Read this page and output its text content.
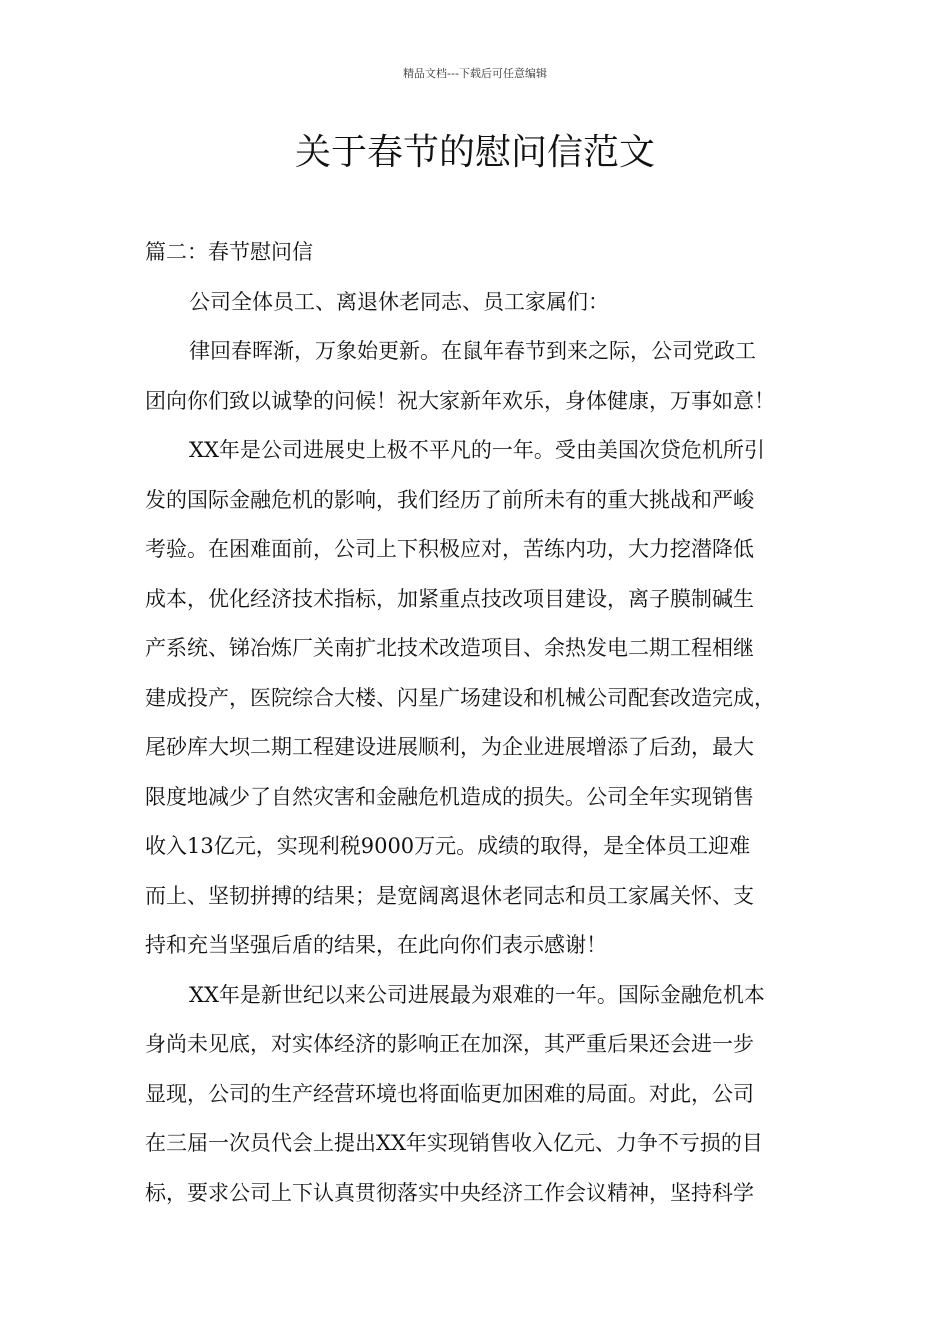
精品文档---下载后可任意编辑
关于春节的慰问信范文
篇二：春节慰问信
公司全体员工、离退休老同志、员工家属们：
律回春晖渐，万象始更新。在鼠年春节到来之际，公司党政工
团向你们致以诚挚的问候！祝大家新年欢乐，身体健康，万事如意！
XX年是公司进展史上极不平凡的一年。受由美国次贷危机所引
发的国际金融危机的影响，我们经历了前所未有的重大挑战和严峻
考验。在困难面前，公司上下积极应对，苦练内功，大力挖潜降低
成本，优化经济技术指标，加紧重点技改项目建设，离子膜制碱生
产系统、锑冶炼厂关南扩北技术改造项目、余热发电二期工程相继
建成投产，医院综合大楼、闪星广场建设和机械公司配套改造完成，
尾砂库大坝二期工程建设进展顺利，为企业进展增添了后劲，最大
限度地减少了自然灾害和金融危机造成的损失。公司全年实现销售
收入13亿元，实现利税9000万元。成绩的取得，是全体员工迎难
而上、坚韧拼搏的结果；是宽阔离退休老同志和员工家属关怀、支
持和充当坚强后盾的结果，在此向你们表示感谢！
XX年是新世纪以来公司进展最为艰难的一年。国际金融危机本
身尚未见底，对实体经济的影响正在加深，其严重后果还会进一步
显现，公司的生产经营环境也将面临更加困难的局面。对此，公司
在三届一次员代会上提出XX年实现销售收入亿元、力争不亏损的目
标，要求公司上下认真贯彻落实中央经济工作会议精神，坚持科学
